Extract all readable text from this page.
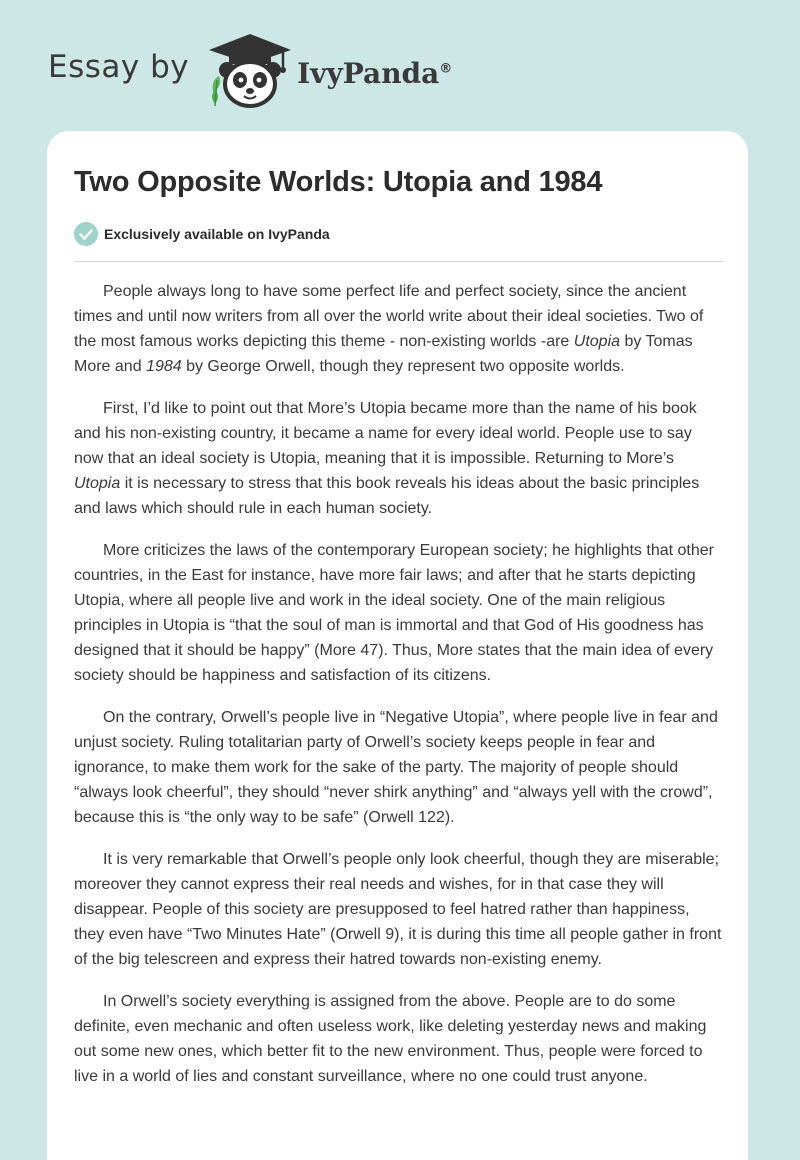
Essay by	IvyPanda®
Two Opposite Worlds: Utopia and 1984
Exclusively available on IvyPanda

People always long to have some perfect life and perfect society, since the ancient times and until now writers from all over the world write about their ideal societies. Two of the most famous works depicting this theme - non-existing worlds -are Utopia by Tomas More and 1984 by George Orwell, though they represent two opposite worlds.

First, I’d like to point out that More’s Utopia became more than the name of his book and his non-existing country, it became a name for every ideal world. People use to say now that an ideal society is Utopia, meaning that it is impossible. Returning to More’s Utopia it is necessary to stress that this book reveals his ideas about the basic principles and laws which should rule in each human society.

More criticizes the laws of the contemporary European society; he highlights that other countries, in the East for instance, have more fair laws; and after that he starts depicting Utopia, where all people live and work in the ideal society. One of the main religious principles in Utopia is “that the soul of man is immortal and that God of His goodness has designed that it should be happy” (More 47). Thus, More states that the main idea of every society should be happiness and satisfaction of its citizens.

On the contrary, Orwell’s people live in “Negative Utopia”, where people live in fear and unjust society. Ruling totalitarian party of Orwell’s society keeps people in fear and ignorance, to make them work for the sake of the party. The majority of people should “always look cheerful”, they should “never shirk anything” and “always yell with the crowd”, because this is “the only way to be safe” (Orwell 122).

It is very remarkable that Orwell’s people only look cheerful, though they are miserable; moreover they cannot express their real needs and wishes, for in that case they will disappear. People of this society are presupposed to feel hatred rather than happiness, they even have “Two Minutes Hate” (Orwell 9), it is during this time all people gather in front of the big telescreen and express their hatred towards non-existing enemy.

In Orwell’s society everything is assigned from the above. People are to do some definite, even mechanic and often useless work, like deleting yesterday news and making out some new ones, which better fit to the new environment. Thus, people were forced to live in a world of lies and constant surveillance, where no one could trust anyone.
